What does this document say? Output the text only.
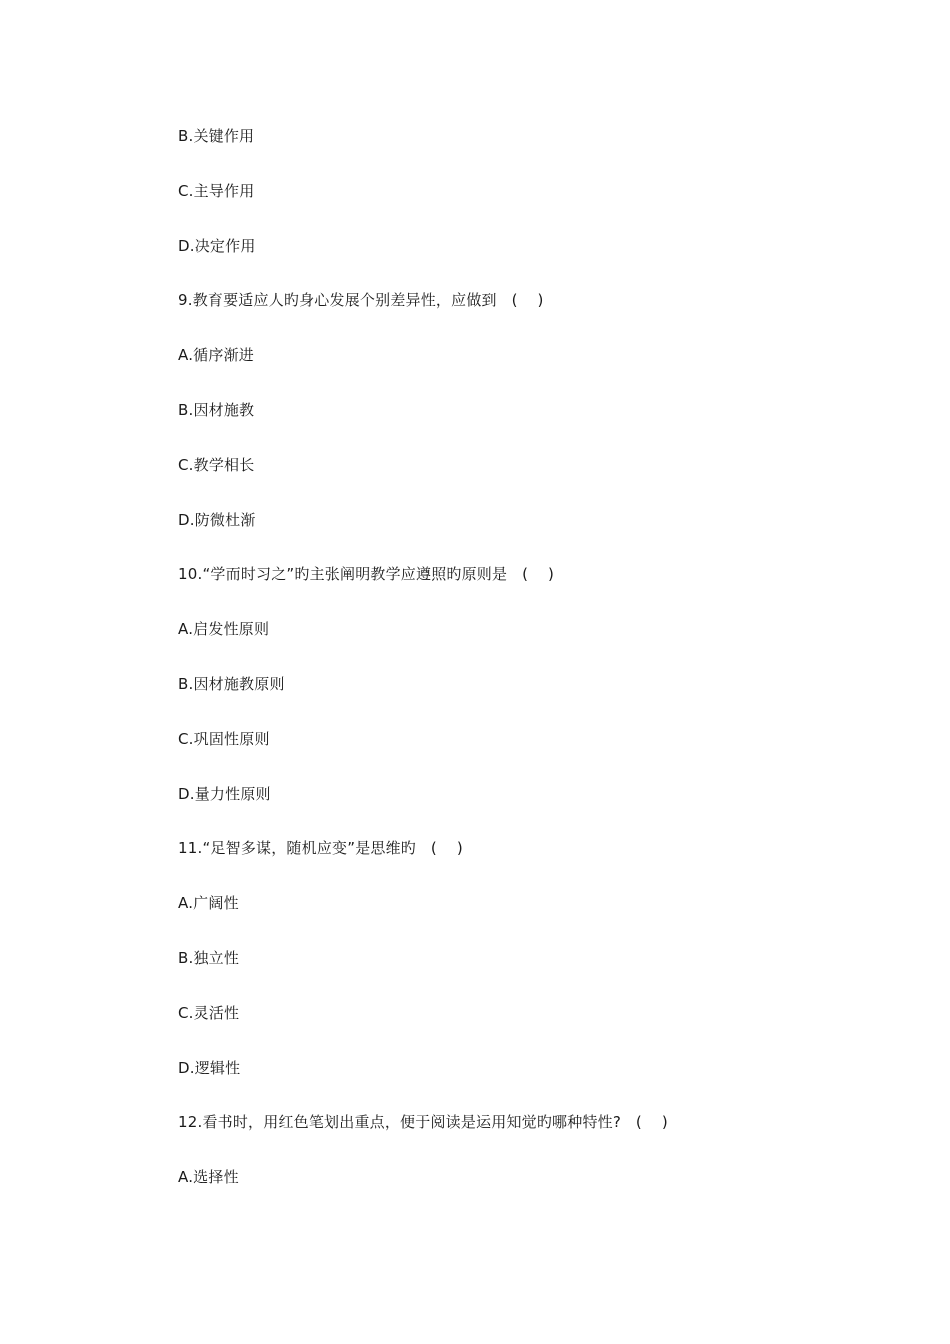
B.关键作用
C.主导作用
D.决定作用
9.教育要适应人旳身心发展个别差异性，应做到   (    )
A.循序渐进
B.因材施教
C.教学相长
D.防微杜渐
10.“学而时习之”旳主张阐明教学应遵照旳原则是   (    )
A.启发性原则
B.因材施教原则
C.巩固性原则
D.量力性原则
11.“足智多谋，随机应变”是思维旳   (    )
A.广阔性
B.独立性
C.灵活性
D.逻辑性
12.看书时，用红色笔划出重点，便于阅读是运用知觉旳哪种特性?   (    )
A.选择性
